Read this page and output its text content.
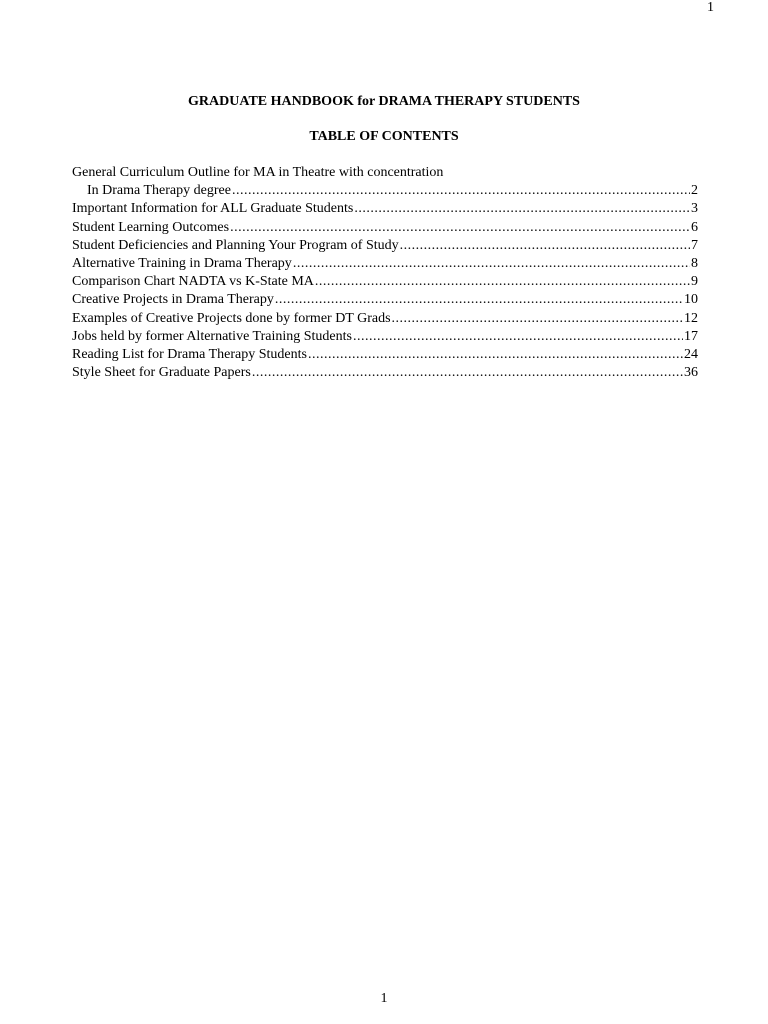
1
GRADUATE HANDBOOK for DRAMA THERAPY STUDENTS
TABLE OF CONTENTS
General Curriculum Outline for MA in Theatre with concentration
In Drama Therapy degree .....	2
Important Information for ALL Graduate Students .....	3
Student Learning Outcomes .....	6
Student Deficiencies and Planning Your Program of Study .....	7
Alternative Training in Drama Therapy .....	8
Comparison Chart NADTA vs K-State MA .....	9
Creative Projects in Drama Therapy .....	10
Examples of Creative Projects done by former DT Grads .....	12
Jobs held by former Alternative Training Students .....	17
Reading List for Drama Therapy Students .....	24
Style Sheet for Graduate Papers .....	36
1
